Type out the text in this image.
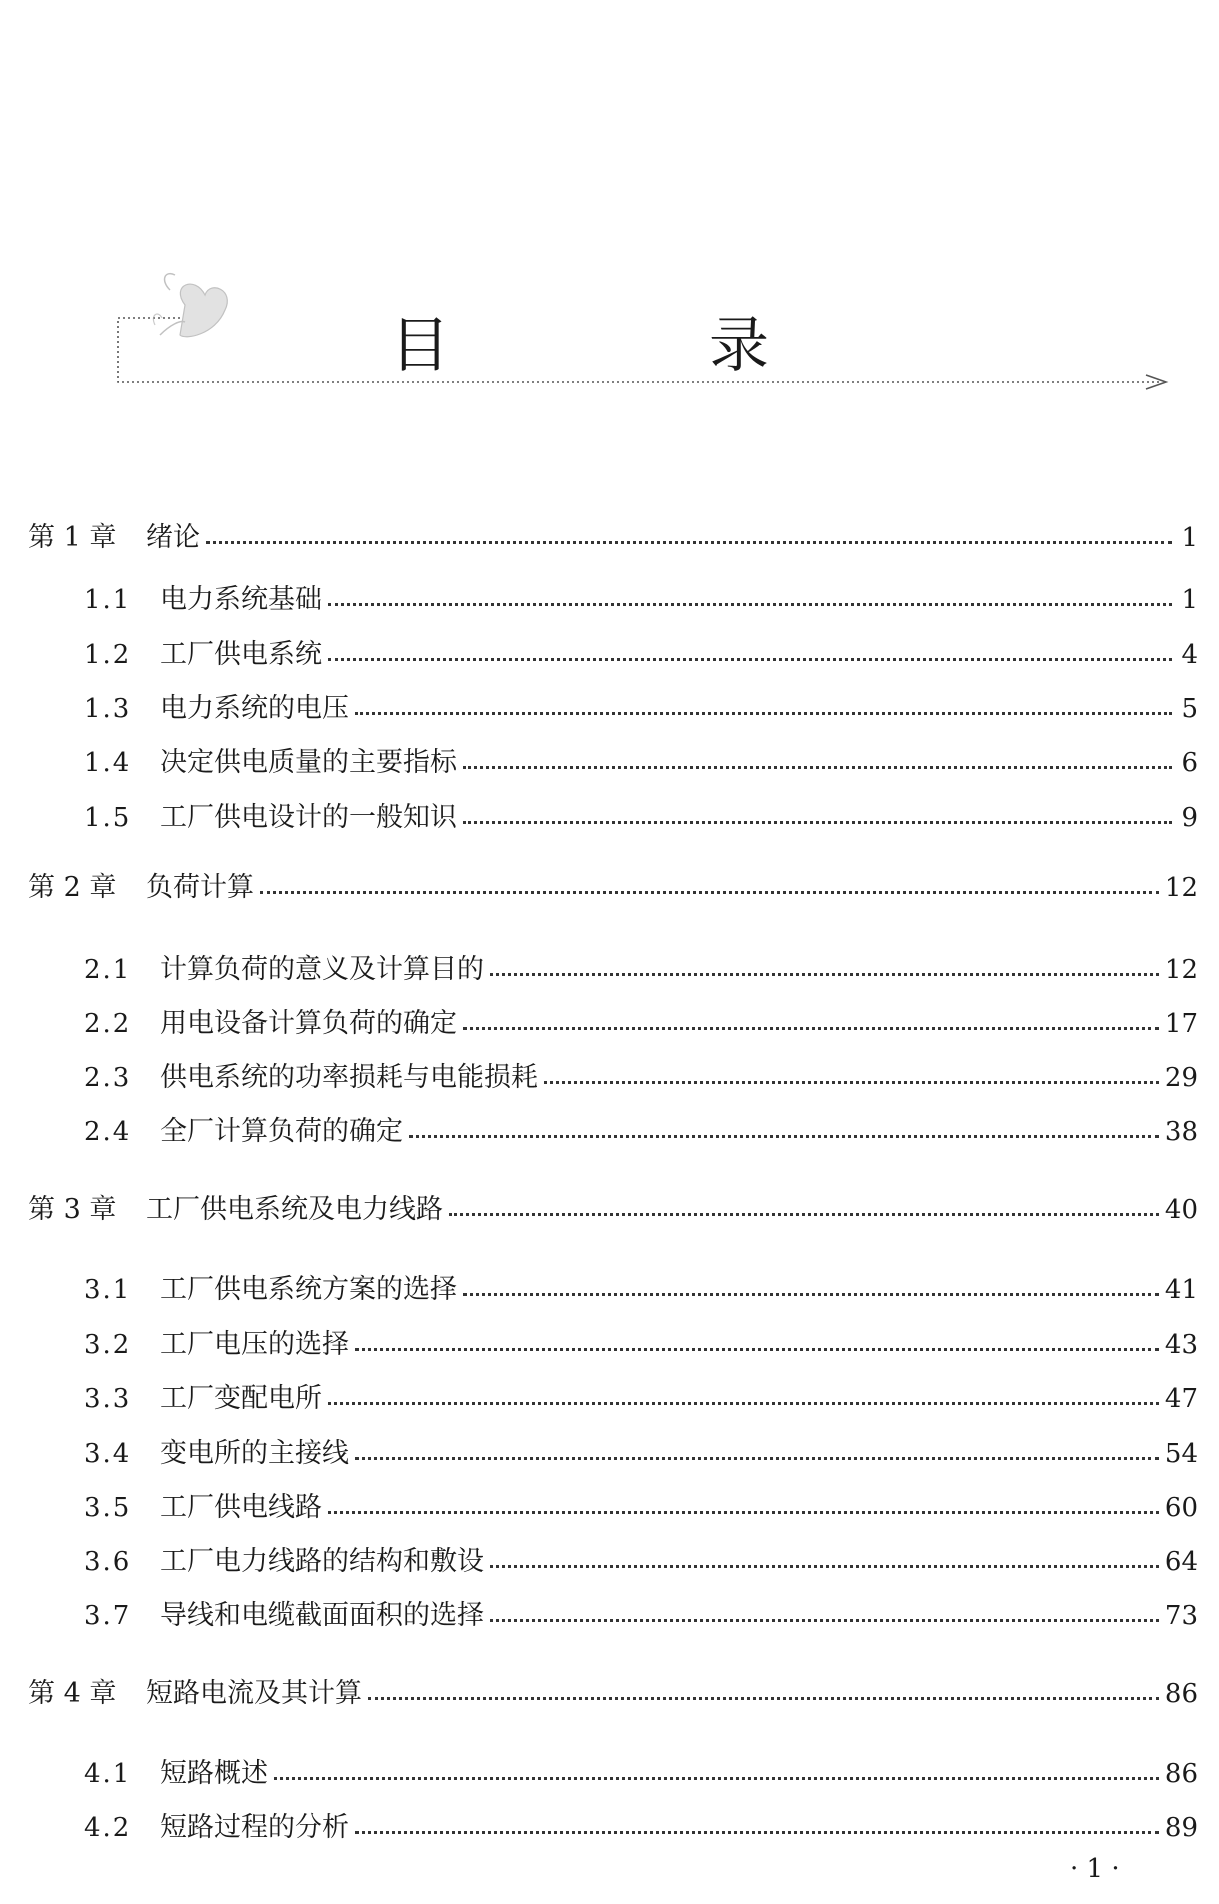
目 录
第 1 章	绪论	1
1.1	电力系统基础	1
1.2	工厂供电系统	4
1.3	电力系统的电压	5
1.4	决定供电质量的主要指标	6
1.5	工厂供电设计的一般知识	9
第 2 章	负荷计算	12
2.1	计算负荷的意义及计算目的	12
2.2	用电设备计算负荷的确定	17
2.3	供电系统的功率损耗与电能损耗	29
2.4	全厂计算负荷的确定	38
第 3 章	工厂供电系统及电力线路	40
3.1	工厂供电系统方案的选择	41
3.2	工厂电压的选择	43
3.3	工厂变配电所	47
3.4	变电所的主接线	54
3.5	工厂供电线路	60
3.6	工厂电力线路的结构和敷设	64
3.7	导线和电缆截面面积的选择	73
第 4 章	短路电流及其计算	86
4.1	短路概述	86
4.2	短路过程的分析	89
· 1 ·
